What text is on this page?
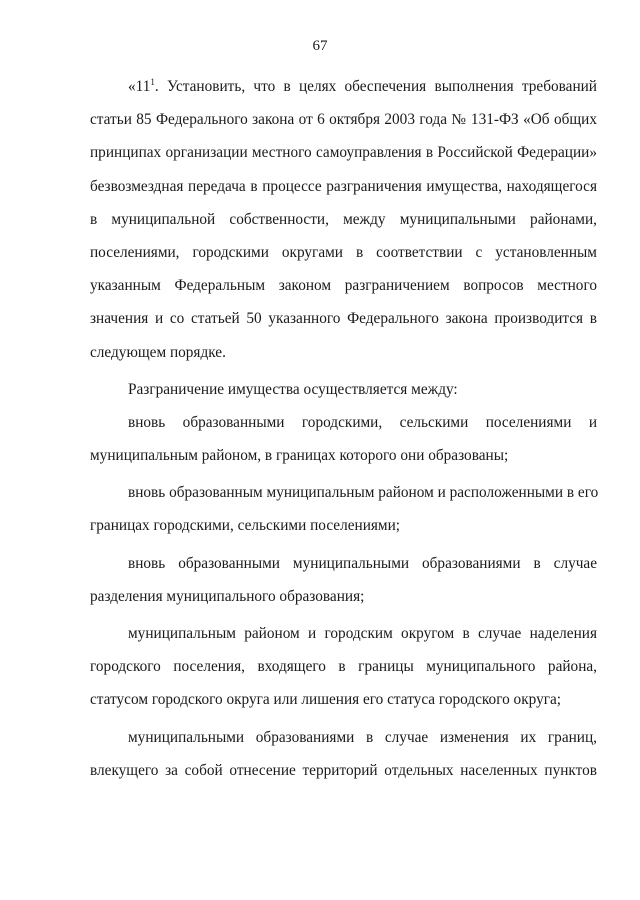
67
«$11^1$. Установить, что в целях обеспечения выполнения требований
статьи 85 Федерального закона от 6 октября 2003 года № 131-ФЗ «Об общих
принципах организации местного самоуправления в Российской Федерации»
безвозмездная передача в процессе разграничения имущества, находящегося
в муниципальной собственности, между муниципальными районами,
поселениями, городскими округами в соответствии с установленным
указанным Федеральным законом разграничением вопросов местного
значения и со статьей 50 указанного Федерального закона производится в
следующем порядке.
Разграничение имущества осуществляется между:
вновь образованными городскими, сельскими поселениями и
муниципальным районом, в границах которого они образованы;
вновь образованным муниципальным районом и расположенными в его
границах городскими, сельскими поселениями;
вновь образованными муниципальными образованиями в случае
разделения муниципального образования;
муниципальным районом и городским округом в случае наделения
городского поселения, входящего в границы муниципального района,
статусом городского округа или лишения его статуса городского округа;
муниципальными образованиями в случае изменения их границ,
влекущего за собой отнесение территорий отдельных населенных пунктов
